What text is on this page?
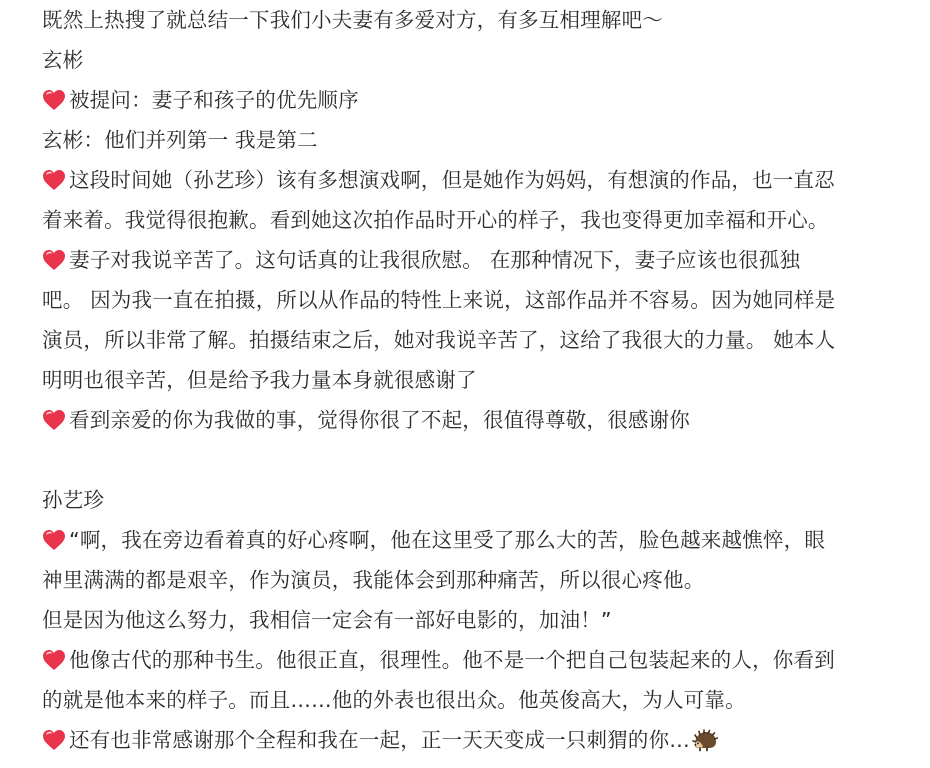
既然上热搜了就总结一下我们小夫妻有多爱对方，有多互相理解吧～
玄彬
被提问：妻子和孩子的优先顺序
玄彬：他们并列第一 我是第二
这段时间她（孙艺珍）该有多想演戏啊，但是她作为妈妈，有想演的作品，也一直忍
着来着。我觉得很抱歉。看到她这次拍作品时开心的样子，我也变得更加幸福和开心。
妻子对我说辛苦了。这句话真的让我很欣慰。 在那种情况下，妻子应该也很孤独
吧。 因为我一直在拍摄，所以从作品的特性上来说，这部作品并不容易。因为她同样是
演员，所以非常了解。拍摄结束之后，她对我说辛苦了，这给了我很大的力量。 她本人
明明也很辛苦，但是给予我力量本身就很感谢了
看到亲爱的你为我做的事，觉得你很了不起，很值得尊敬，很感谢你
孙艺珍
“啊，我在旁边看着真的好心疼啊，他在这里受了那么大的苦，脸色越来越憔悴，眼
神里满满的都是艰辛，作为演员，我能体会到那种痛苦，所以很心疼他。
但是因为他这么努力，我相信一定会有一部好电影的，加油！”
他像古代的那种书生。他很正直，很理性。他不是一个把自己包装起来的人，你看到
的就是他本来的样子。而且……他的外表也很出众。他英俊高大，为人可靠。
还有也非常感谢那个全程和我在一起，正一天天变成一只刺猬的你…
